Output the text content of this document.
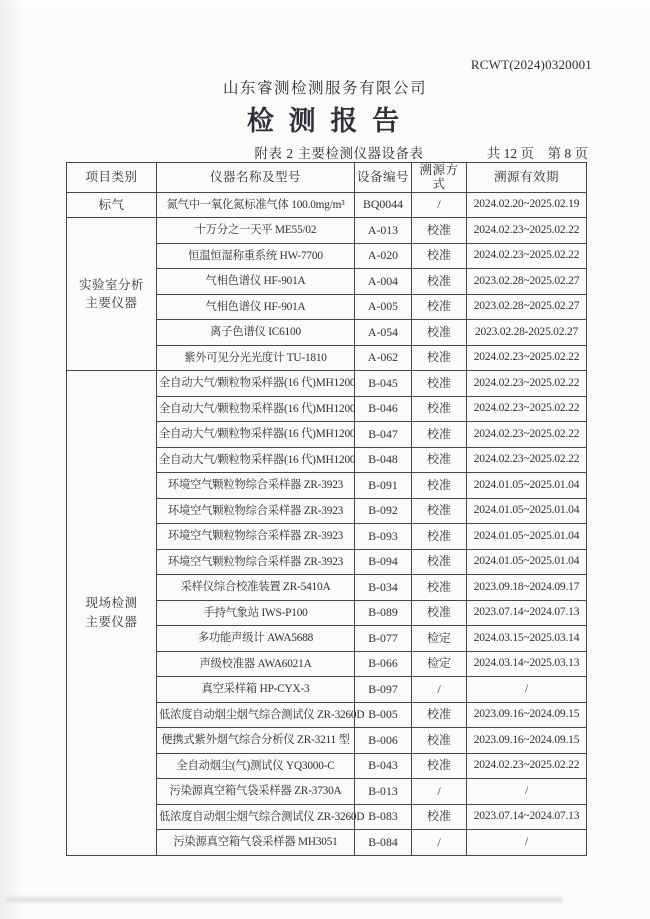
RCWT(2024)0320001
山东睿测检测服务有限公司
检 测 报 告
附表 2 主要检测仪器设备表	共 12 页　第 8 页
项目类别	仪器名称及型号	设备编号	溯源方式	溯源有效期

标气	氮气中一氧化氮标准气体 100.0mg/m³	BQ0044	/	2024.02.20~2025.02.19

实验室分析
主要仪器	十万分之一天平 ME55/02	A-013	校准	2024.02.23~2025.02.22
	恒温恒湿称重系统 HW-7700	A-020	校准	2024.02.23~2025.02.22
	气相色谱仪 HF-901A	A-004	校准	2023.02.28~2025.02.27
	气相色谱仪 HF-901A	A-005	校准	2023.02.28~2025.02.27
	离子色谱仪 IC6100	A-054	校准	2023.02.28-2025.02.27
	紫外可见分光光度计 TU-1810	A-062	校准	2024.02.23~2025.02.22

现场检测
主要仪器	全自动大气/颗粒物采样器(16 代)MH1200	B-045	校准	2024.02.23~2025.02.22
	全自动大气/颗粒物采样器(16 代)MH1200	B-046	校准	2024.02.23~2025.02.22
	全自动大气/颗粒物采样器(16 代)MH1200	B-047	校准	2024.02.23~2025.02.22
	全自动大气/颗粒物采样器(16 代)MH1200	B-048	校准	2024.02.23~2025.02.22
	环境空气颗粒物综合采样器 ZR-3923	B-091	校准	2024.01.05~2025.01.04
	环境空气颗粒物综合采样器 ZR-3923	B-092	校准	2024.01.05~2025.01.04
	环境空气颗粒物综合采样器 ZR-3923	B-093	校准	2024.01.05~2025.01.04
	环境空气颗粒物综合采样器 ZR-3923	B-094	校准	2024.01.05~2025.01.04
	采样仪综合校准装置 ZR-5410A	B-034	校准	2023.09.18~2024.09.17
	手持气象站 IWS-P100	B-089	校准	2023.07.14~2024.07.13
	多功能声级计 AWA5688	B-077	检定	2024.03.15~2025.03.14
	声级校准器 AWA6021A	B-066	检定	2024.03.14~2025.03.13
	真空采样箱 HP-CYX-3	B-097	/	/
	低浓度自动烟尘烟气综合测试仪 ZR-3260D	B-005	校准	2023.09.16~2024.09.15
	便携式紫外烟气综合分析仪 ZR-3211 型	B-006	校准	2023.09.16~2024.09.15
	全自动烟尘(气)测试仪 YQ3000-C	B-043	校准	2024.02.23~2025.02.22
	污染源真空箱气袋采样器 ZR-3730A	B-013	/	/
	低浓度自动烟尘烟气综合测试仪 ZR-3260D	B-083	校准	2023.07.14~2024.07.13
	污染源真空箱气袋采样器 MH3051	B-084	/	/
